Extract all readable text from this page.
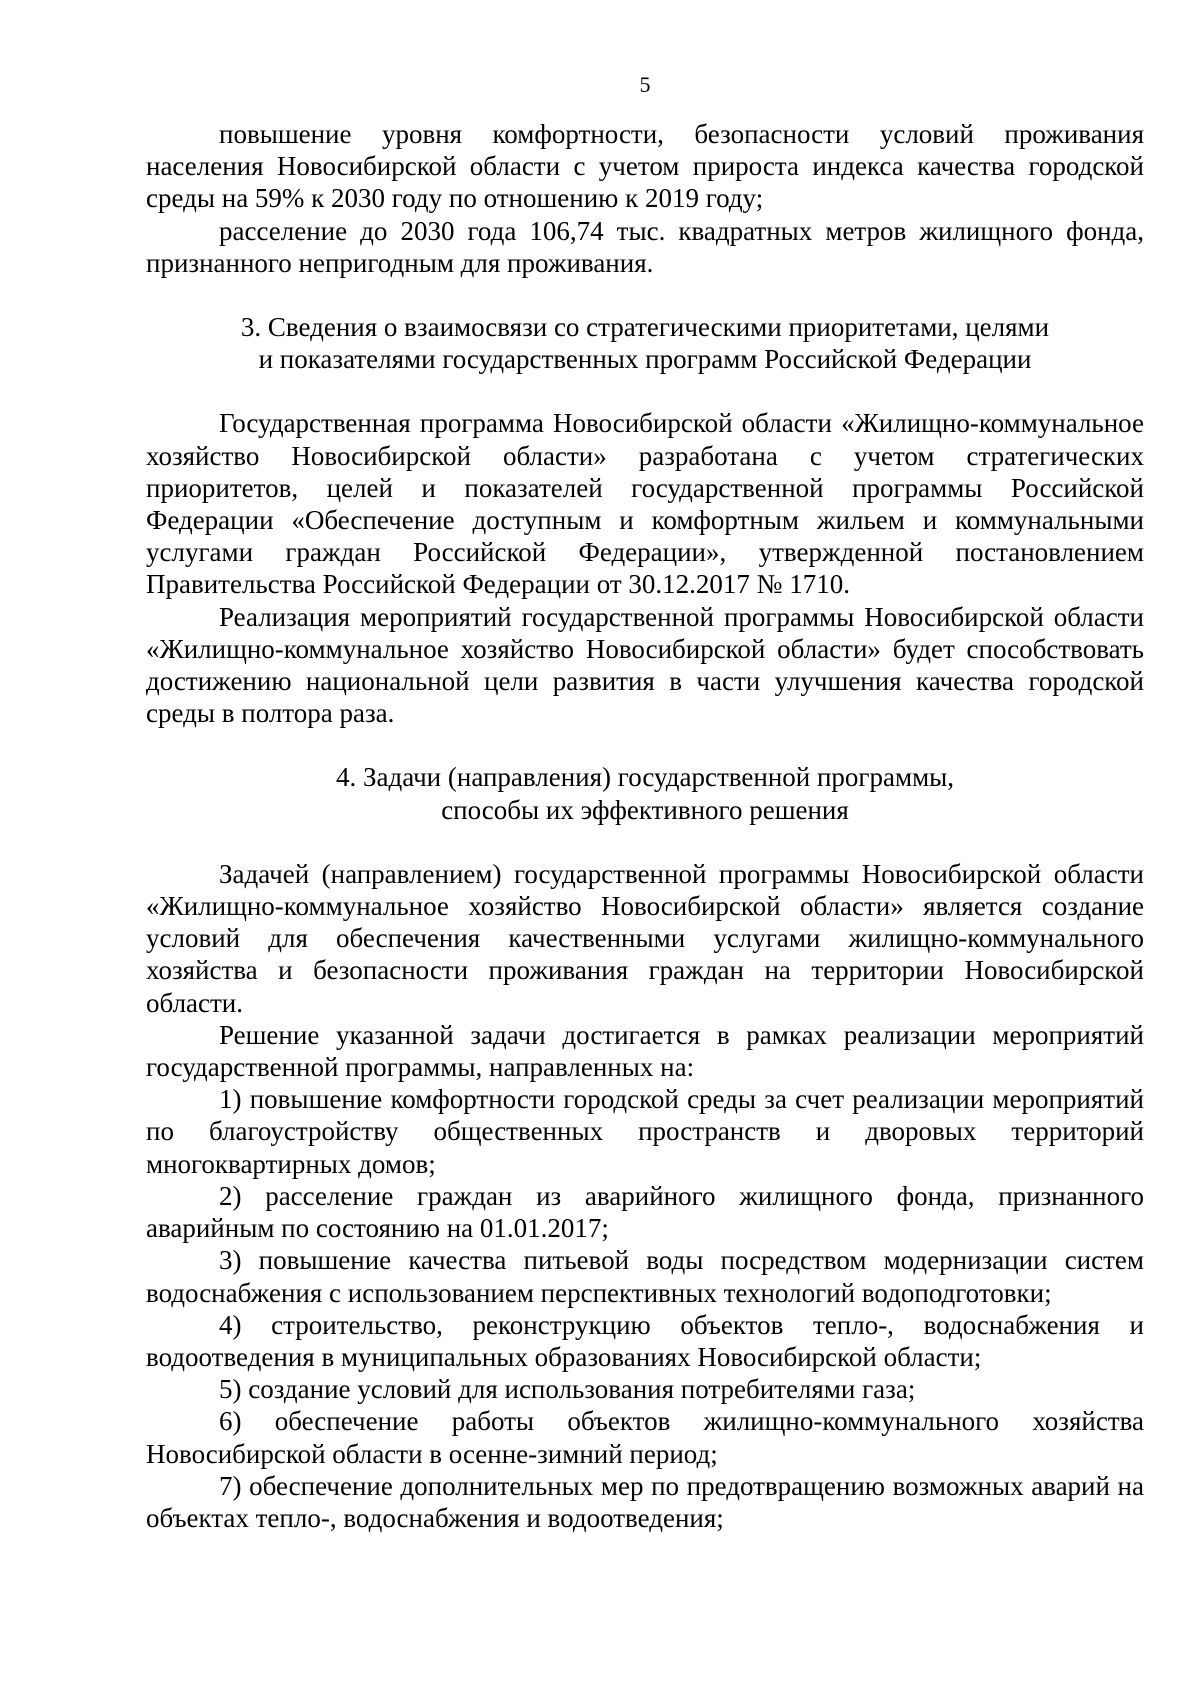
5

повышение уровня комфортности, безопасности условий проживания населения Новосибирской области с учетом прироста индекса качества городской среды на 59% к 2030 году по отношению к 2019 году;

расселение до 2030 года 106,74 тыс. квадратных метров жилищного фонда, признанного непригодным для проживания.

3. Сведения о взаимосвязи со стратегическими приоритетами, целями
и показателями государственных программ Российской Федерации

Государственная программа Новосибирской области «Жилищно-коммунальное хозяйство Новосибирской области» разработана с учетом стратегических приоритетов, целей и показателей государственной программы Российской Федерации «Обеспечение доступным и комфортным жильем и коммунальными услугами граждан Российской Федерации», утвержденной постановлением Правительства Российской Федерации от 30.12.2017 № 1710.

Реализация мероприятий государственной программы Новосибирской области «Жилищно-коммунальное хозяйство Новосибирской области» будет способствовать достижению национальной цели развития в части улучшения качества городской среды в полтора раза.

4. Задачи (направления) государственной программы,
способы их эффективного решения

Задачей (направлением) государственной программы Новосибирской области «Жилищно-коммунальное хозяйство Новосибирской области» является создание условий для обеспечения качественными услугами жилищно-коммунального хозяйства и безопасности проживания граждан на территории Новосибирской области.

Решение указанной задачи достигается в рамках реализации мероприятий государственной программы, направленных на:

1) повышение комфортности городской среды за счет реализации мероприятий по благоустройству общественных пространств и дворовых территорий многоквартирных домов;

2) расселение граждан из аварийного жилищного фонда, признанного аварийным по состоянию на 01.01.2017;

3) повышение качества питьевой воды посредством модернизации систем водоснабжения с использованием перспективных технологий водоподготовки;

4) строительство, реконструкцию объектов тепло-, водоснабжения и водоотведения в муниципальных образованиях Новосибирской области;

5) создание условий для использования потребителями газа;

6) обеспечение работы объектов жилищно-коммунального хозяйства Новосибирской области в осенне-зимний период;

7) обеспечение дополнительных мер по предотвращению возможных аварий на объектах тепло-, водоснабжения и водоотведения;
